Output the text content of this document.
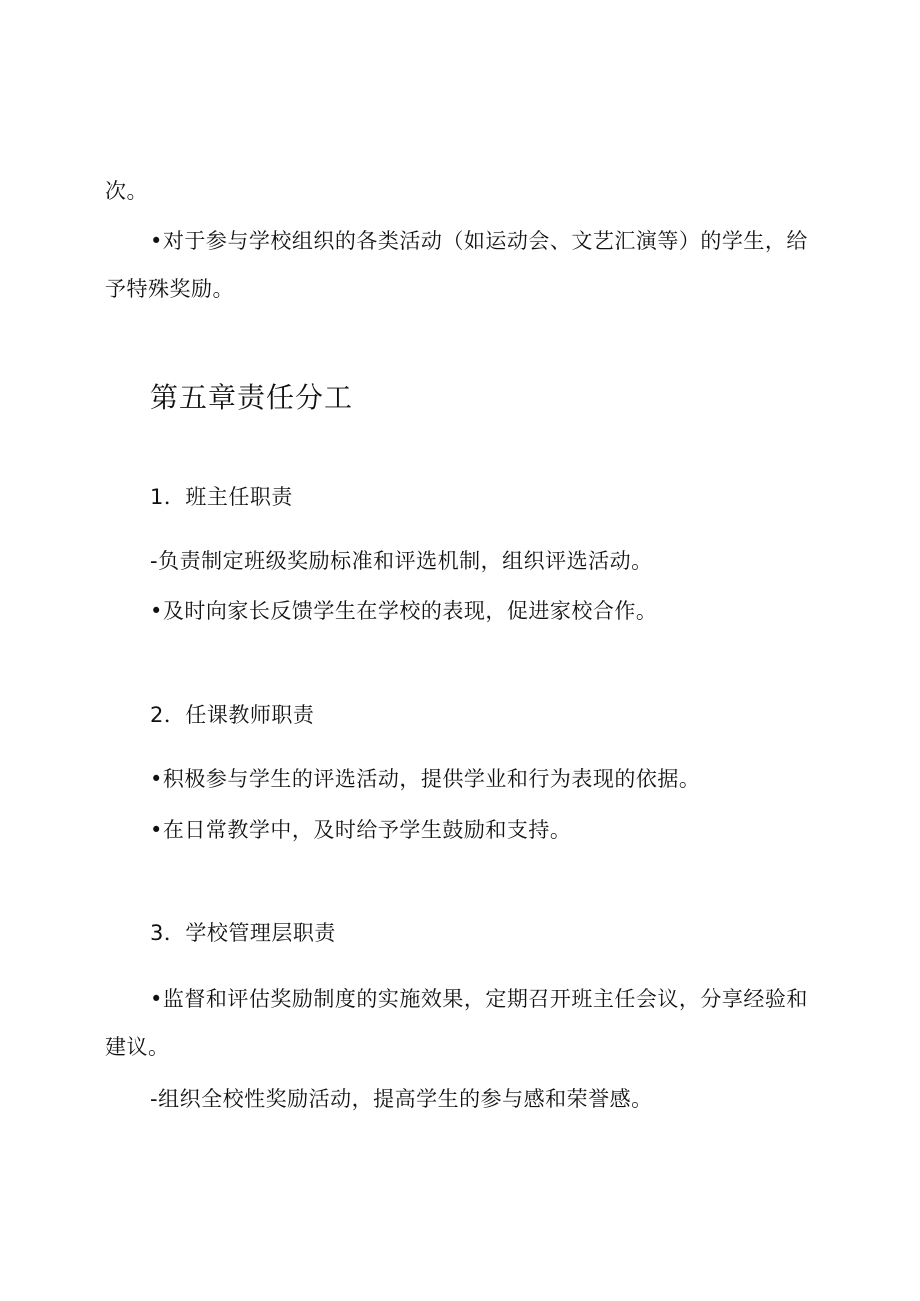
次。
•对于参与学校组织的各类活动（如运动会、文艺汇演等）的学生，给
予特殊奖励。
第五章责任分工
1．班主任职责
-负责制定班级奖励标准和评选机制，组织评选活动。
•及时向家长反馈学生在学校的表现，促进家校合作。
2．任课教师职责
•积极参与学生的评选活动，提供学业和行为表现的依据。
•在日常教学中，及时给予学生鼓励和支持。
3．学校管理层职责
•监督和评估奖励制度的实施效果，定期召开班主任会议，分享经验和
建议。
-组织全校性奖励活动，提高学生的参与感和荣誉感。
